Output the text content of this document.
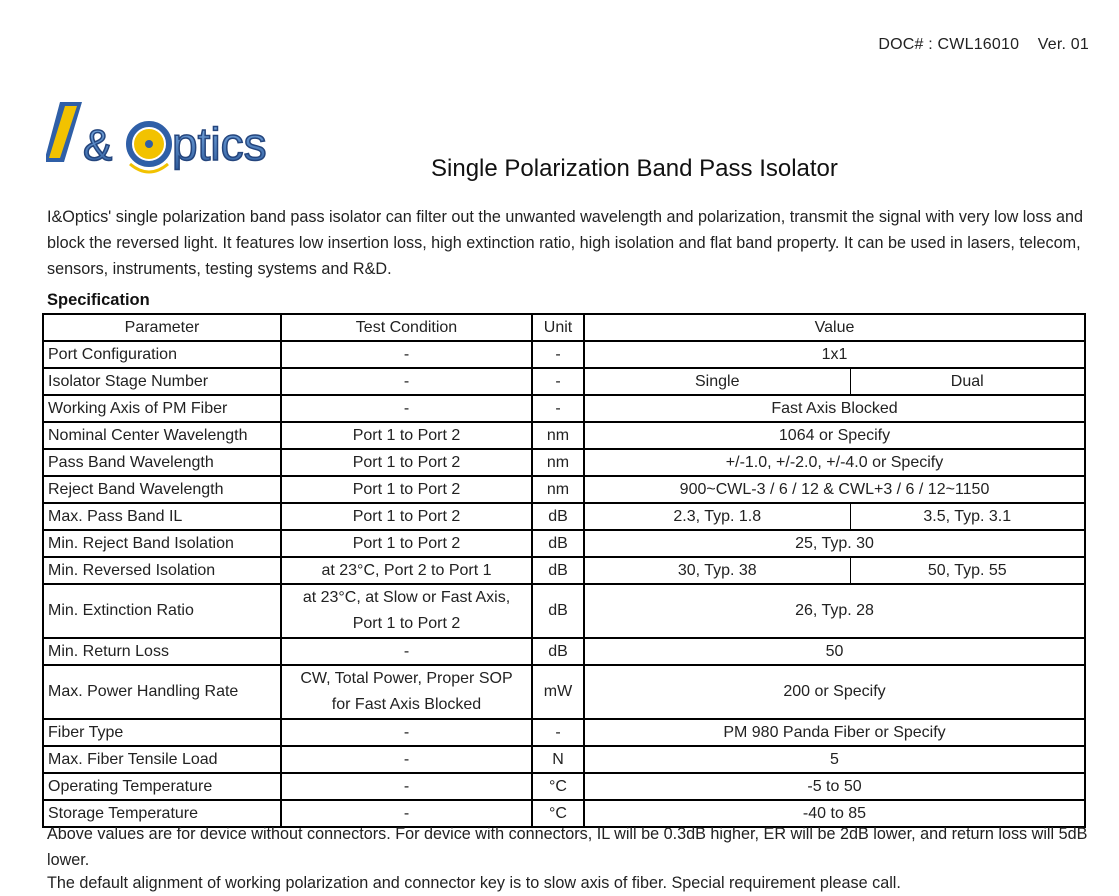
DOC# : CWL16010    Ver. 01
& ptics	Single Polarization Band Pass Isolator
I&Optics' single polarization band pass isolator can filter out the unwanted wavelength and polarization, transmit the signal with very low loss and block the reversed light. It features low insertion loss, high extinction ratio, high isolation and flat band property. It can be used in lasers, telecom, sensors, instruments, testing systems and R&D.
Specification
Parameter	Test Condition	Unit	Value	
Port Configuration	-	-	1x1	
Isolator Stage Number	-	-	Single	Dual
Working Axis of PM Fiber	-	-	Fast Axis Blocked	
Nominal Center Wavelength	Port 1 to Port 2	nm	1064 or Specify	
Pass Band Wavelength	Port 1 to Port 2	nm	+/-1.0, +/-2.0, +/-4.0 or Specify	
Reject Band Wavelength	Port 1 to Port 2	nm	900~CWL-3 / 6 / 12 & CWL+3 / 6 / 12~1150	
Max. Pass Band IL	Port 1 to Port 2	dB	2.3, Typ. 1.8	3.5, Typ. 3.1
Min. Reject Band Isolation	Port 1 to Port 2	dB	25, Typ. 30	
Min. Reversed Isolation	at 23°C, Port 2 to Port 1	dB	30, Typ. 38	50, Typ. 55
Min. Extinction Ratio	at 23°C, at Slow or Fast Axis,
Port 1 to Port 2	dB	26, Typ. 28	
Min. Return Loss	-	dB	50	
Max. Power Handling Rate	CW, Total Power, Proper SOP
for Fast Axis Blocked	mW	200 or Specify	
Fiber Type	-	-	PM 980 Panda Fiber or Specify	
Max. Fiber Tensile Load	-	N	5	
Operating Temperature	-	°C	-5 to 50	
Storage Temperature	-	°C	-40 to 85	

Above values are for device without connectors. For device with connectors, IL will be 0.3dB higher, ER will be 2dB lower, and return loss will 5dB lower.

The default alignment of working polarization and connector key is to slow axis of fiber. Special requirement please call.
